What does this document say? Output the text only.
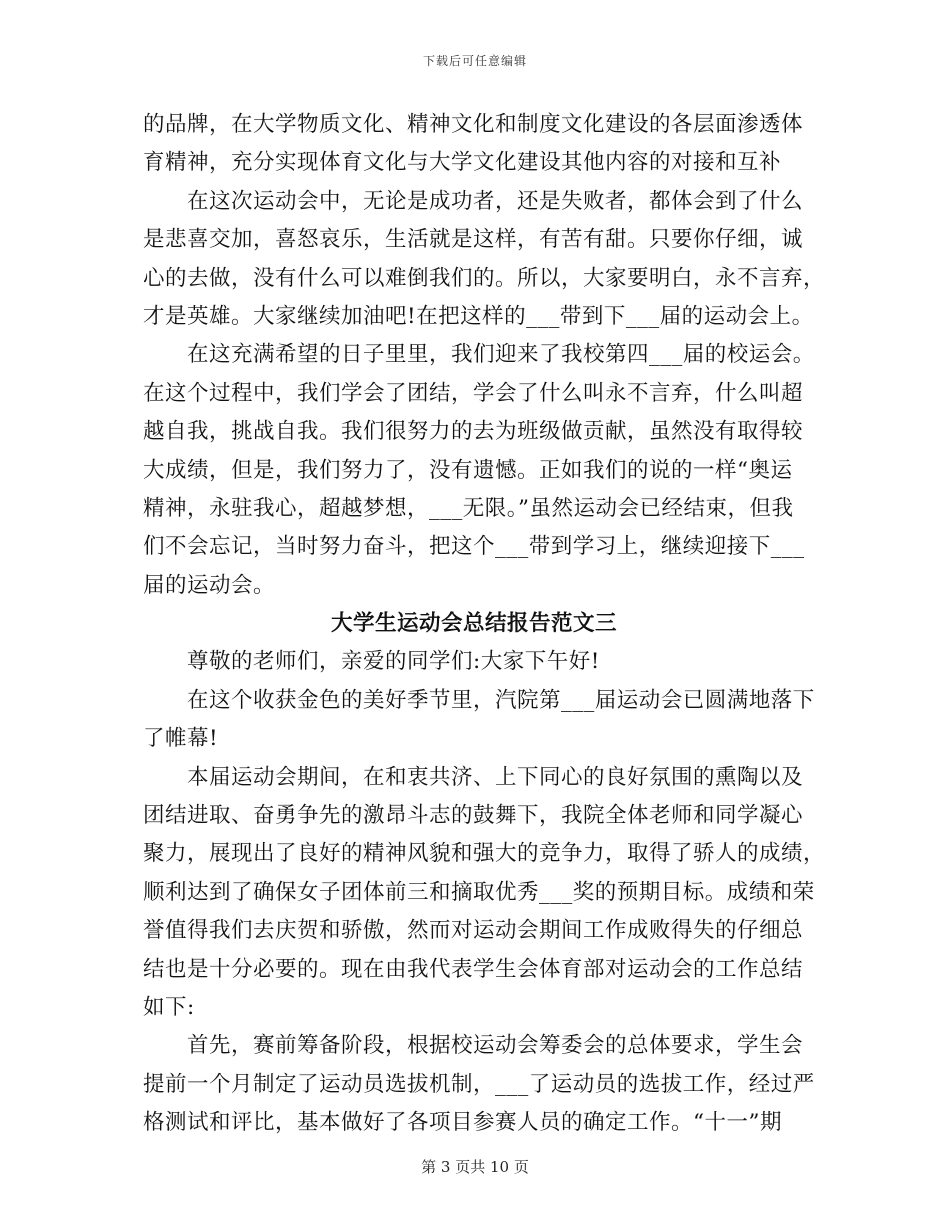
下载后可任意编辑
的品牌，在大学物质文化、精神文化和制度文化建设的各层面渗透体
育精神，充分实现体育文化与大学文化建设其他内容的对接和互补
在这次运动会中，无论是成功者，还是失败者，都体会到了什么
是悲喜交加，喜怒哀乐，生活就是这样，有苦有甜。只要你仔细，诚
心的去做，没有什么可以难倒我们的。所以，大家要明白，永不言弃，
才是英雄。大家继续加油吧!在把这样的___带到下___届的运动会上。
在这充满希望的日子里里，我们迎来了我校第四___届的校运会。
在这个过程中，我们学会了团结，学会了什么叫永不言弃，什么叫超
越自我，挑战自我。我们很努力的去为班级做贡献，虽然没有取得较
大成绩，但是，我们努力了，没有遗憾。正如我们的说的一样“奥运
精神，永驻我心，超越梦想，___无限。”虽然运动会已经结束，但我
们不会忘记，当时努力奋斗，把这个___带到学习上，继续迎接下___
届的运动会。
大学生运动会总结报告范文三
尊敬的老师们，亲爱的同学们:大家下午好!
在这个收获金色的美好季节里，汽院第___届运动会已圆满地落下
了帷幕!
本届运动会期间，在和衷共济、上下同心的良好氛围的熏陶以及
团结进取、奋勇争先的激昂斗志的鼓舞下，我院全体老师和同学凝心
聚力，展现出了良好的精神风貌和强大的竞争力，取得了骄人的成绩，
顺利达到了确保女子团体前三和摘取优秀___奖的预期目标。成绩和荣
誉值得我们去庆贺和骄傲，然而对运动会期间工作成败得失的仔细总
结也是十分必要的。现在由我代表学生会体育部对运动会的工作总结
如下:
首先，赛前筹备阶段，根据校运动会筹委会的总体要求，学生会
提前一个月制定了运动员选拔机制，___了运动员的选拔工作，经过严
格测试和评比，基本做好了各项目参赛人员的确定工作。“十一”期
第 3 页共 10 页
